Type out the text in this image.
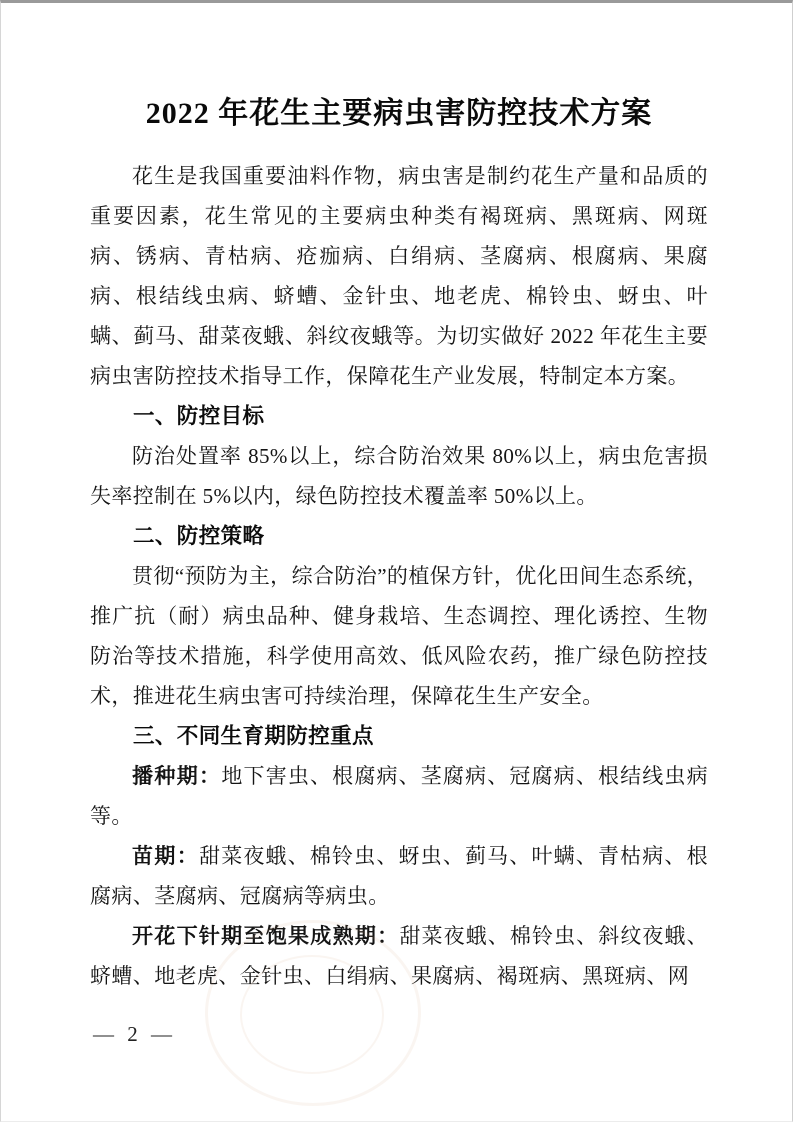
2022 年花生主要病虫害防控技术方案

花生是我国重要油料作物，病虫害是制约花生产量和品质的重要因素，花生常见的主要病虫种类有褐斑病、黑斑病、网斑病、锈病、青枯病、疮痂病、白绢病、茎腐病、根腐病、果腐病、根结线虫病、蛴螬、金针虫、地老虎、棉铃虫、蚜虫、叶螨、蓟马、甜菜夜蛾、斜纹夜蛾等。为切实做好 2022 年花生主要病虫害防控技术指导工作，保障花生产业发展，特制定本方案。

一、防控目标

防治处置率 85%以上，综合防治效果 80%以上，病虫危害损失率控制在 5%以内，绿色防控技术覆盖率 50%以上。

二、防控策略

贯彻“预防为主，综合防治”的植保方针，优化田间生态系统，推广抗（耐）病虫品种、健身栽培、生态调控、理化诱控、生物防治等技术措施，科学使用高效、低风险农药，推广绿色防控技术，推进花生病虫害可持续治理，保障花生生产安全。

三、不同生育期防控重点

播种期：地下害虫、根腐病、茎腐病、冠腐病、根结线虫病等。

苗期：甜菜夜蛾、棉铃虫、蚜虫、蓟马、叶螨、青枯病、根腐病、茎腐病、冠腐病等病虫。

开花下针期至饱果成熟期：甜菜夜蛾、棉铃虫、斜纹夜蛾、蛴螬、地老虎、金针虫、白绢病、果腐病、褐斑病、黑斑病、网

— 2 —
